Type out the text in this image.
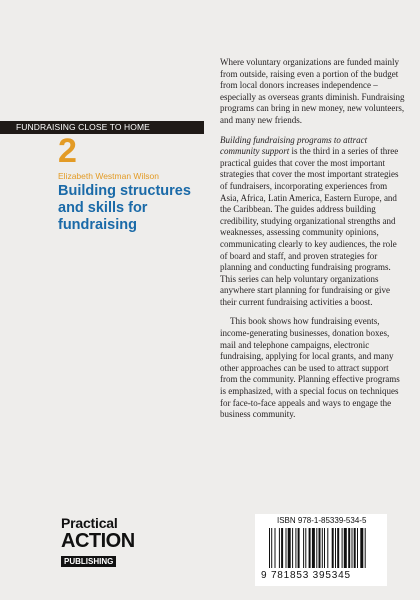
FUNDRAISING CLOSE TO HOME
2
Elizabeth Westman Wilson
Building structures and skills for fundraising

Where voluntary organizations are funded mainly from outside, raising even a portion of the budget from local donors increases independence – especially as overseas grants diminish. Fundraising programs can bring in new money, new volunteers, and many new friends.

Building fundraising programs to attract community support is the third in a series of three practical guides that cover the most important strategies that cover the most important strategies of fundraisers, incorporating experiences from Asia, Africa, Latin America, Eastern Europe, and the Caribbean. The guides address building credibility, studying organizational strengths and weaknesses, assessing community opinions, communicating clearly to key audiences, the role of board and staff, and proven strategies for planning and conducting fundraising programs. This series can help voluntary organizations anywhere start planning for fundraising or give their current fundraising activities a boost.

This book shows how fundraising events, income-generating businesses, donation boxes, mail and telephone campaigns, electronic fundraising, applying for local grants, and many other approaches can be used to attract support from the community. Planning effective programs is emphasized, with a special focus on techniques for face-to-face appeals and ways to engage the business community.

Practical
ACTION
PUBLISHING
ISBN 978-1-85339-534-5
9 781853 395345
